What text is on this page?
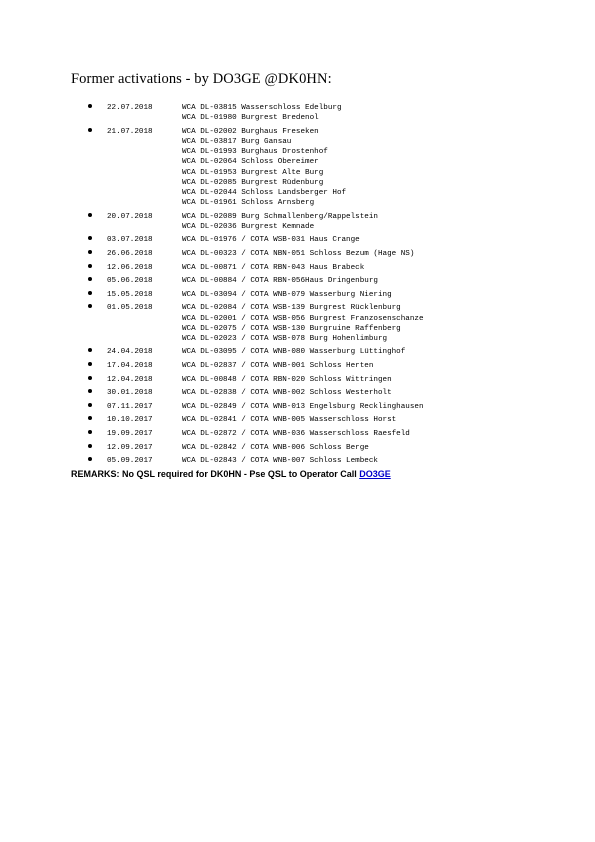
Former activations - by DO3GE @DK0HN:
22.07.2018	WCA DL-03815 Wasserschloss Edelburg
WCA DL-01980 Burgrest Bredenol
21.07.2018	WCA DL-02002 Burghaus Freseken
WCA DL-03817 Burg Gansau
WCA DL-01993 Burghaus Drostenhof
WCA DL-02064 Schloss Obereimer
WCA DL-01953 Burgrest Alte Burg
WCA DL-02085 Burgrest Rüdenburg
WCA DL-02044 Schloss Landsberger Hof
WCA DL-01961 Schloss Arnsberg
20.07.2018	WCA DL-02089 Burg Schmallenberg/Rappelstein
WCA DL-02036 Burgrest Kemnade
03.07.2018	WCA DL-01976 / COTA WSB-031 Haus Crange
26.06.2018	WCA DL-00323 / COTA NBN-051 Schloss Bezum (Hage NS)
12.06.2018	WCA DL-00871 / COTA RBN-043 Haus Brabeck
05.06.2018	WCA DL-00884 / COTA RBN-056Haus Dringenburg
15.05.2018	WCA DL-03094 / COTA WNB-079 Wasserburg Niering
01.05.2018	WCA DL-02084 / COTA WSB-139 Burgrest Rücklenburg
WCA DL-02001 / COTA WSB-056 Burgrest Franzosenschanze
WCA DL-02075 / COTA WSB-130 Burgruine Raffenberg
WCA DL-02023 / COTA WSB-078 Burg Hohenlimburg
24.04.2018	WCA DL-03095 / COTA WNB-080 Wasserburg Lüttinghof
17.04.2018	WCA DL-02837 / COTA WNB-001 Schloss Herten
12.04.2018	WCA DL-00848 / COTA RBN-020 Schloss Wittringen
30.01.2018	WCA DL-02838 / COTA WNB-002 Schloss Westerholt
07.11.2017	WCA DL-02849 / COTA WNB-013 Engelsburg Recklinghausen
10.10.2017	WCA DL-02841 / COTA WNB-005 Wasserschloss Horst
19.09.2017	WCA DL-02872 / COTA WNB-036 Wasserschloss Raesfeld
12.09.2017	WCA DL-02842 / COTA WNB-006 Schloss Berge
05.09.2017	WCA DL-02843 / COTA WNB-007 Schloss Lembeck
REMARKS: No QSL required for DK0HN - Pse QSL to Operator Call DO3GE
